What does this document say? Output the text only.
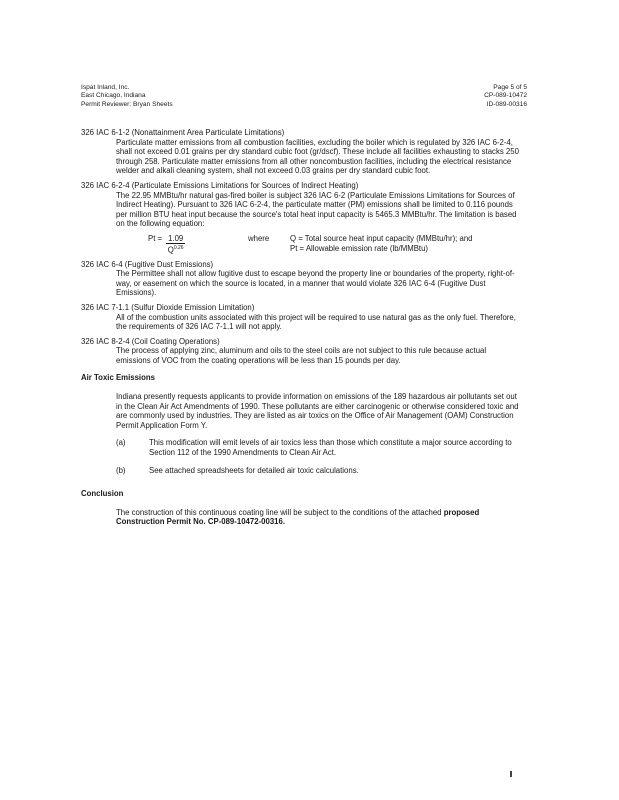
Ispat Inland, Inc.
East Chicago, Indiana
Permit Reviewer: Bryan Sheets
Page 5 of 5
CP-089-10472
ID-089-00316

326 IAC 6-1-2 (Nonattainment Area Particulate Limitations)

Particulate matter emissions from all combustion facilities, excluding the boiler which is regulated by 326 IAC 6-2-4, shall not exceed 0.01 grains per dry standard cubic foot (gr/dscf). These include all facilities exhausting to stacks 250 through 258. Particulate matter emissions from all other noncombustion facilities, including the electrical resistance welder and alkali cleaning system, shall not exceed 0.03 grains per dry standard cubic foot.

326 IAC 6-2-4 (Particulate Emissions Limitations for Sources of Indirect Heating)

The 22.95 MMBtu/hr natural gas-fired boiler is subject 326 IAC 6-2 (Particulate Emissions Limitations for Sources of Indirect Heating). Pursuant to 326 IAC 6-2-4, the particulate matter (PM) emissions shall be limited to 0.116 pounds per million BTU heat input because the source's total heat input capacity is 5465.3 MMBtu/hr. The limitation is based on the following equation:

$Pt = \frac{1.09}{Q^{0.26}}$	where	Q = Total source heat input capacity (MMBtu/hr); and
Pt = Allowable emission rate (lb/MMBtu)

326 IAC 6-4 (Fugitive Dust Emissions)

The Permittee shall not allow fugitive dust to escape beyond the property line or boundaries of the property, right-of-way, or easement on which the source is located, in a manner that would violate 326 IAC 6-4 (Fugitive Dust Emissions).

326 IAC 7-1.1 (Sulfur Dioxide Emission Limitation)

All of the combustion units associated with this project will be required to use natural gas as the only fuel. Therefore, the requirements of 326 IAC 7-1.1 will not apply.

326 IAC 8-2-4 (Coil Coating Operations)

The process of applying zinc, aluminum and oils to the steel coils are not subject to this rule because actual emissions of VOC from the coating operations will be less than 15 pounds per day.

Air Toxic Emissions

Indiana presently requests applicants to provide information on emissions of the 189 hazardous air pollutants set out in the Clean Air Act Amendments of 1990. These pollutants are either carcinogenic or otherwise considered toxic and are commonly used by industries. They are listed as air toxics on the Office of Air Management (OAM) Construction Permit Application Form Y.

(a)	This modification will emit levels of air toxics less than those which constitute a major source according to Section 112 of the 1990 Amendments to Clean Air Act.
(b)	See attached spreadsheets for detailed air toxic calculations.
Conclusion

The construction of this continuous coating line will be subject to the conditions of the attached proposed Construction Permit No. CP-089-10472-00316.
